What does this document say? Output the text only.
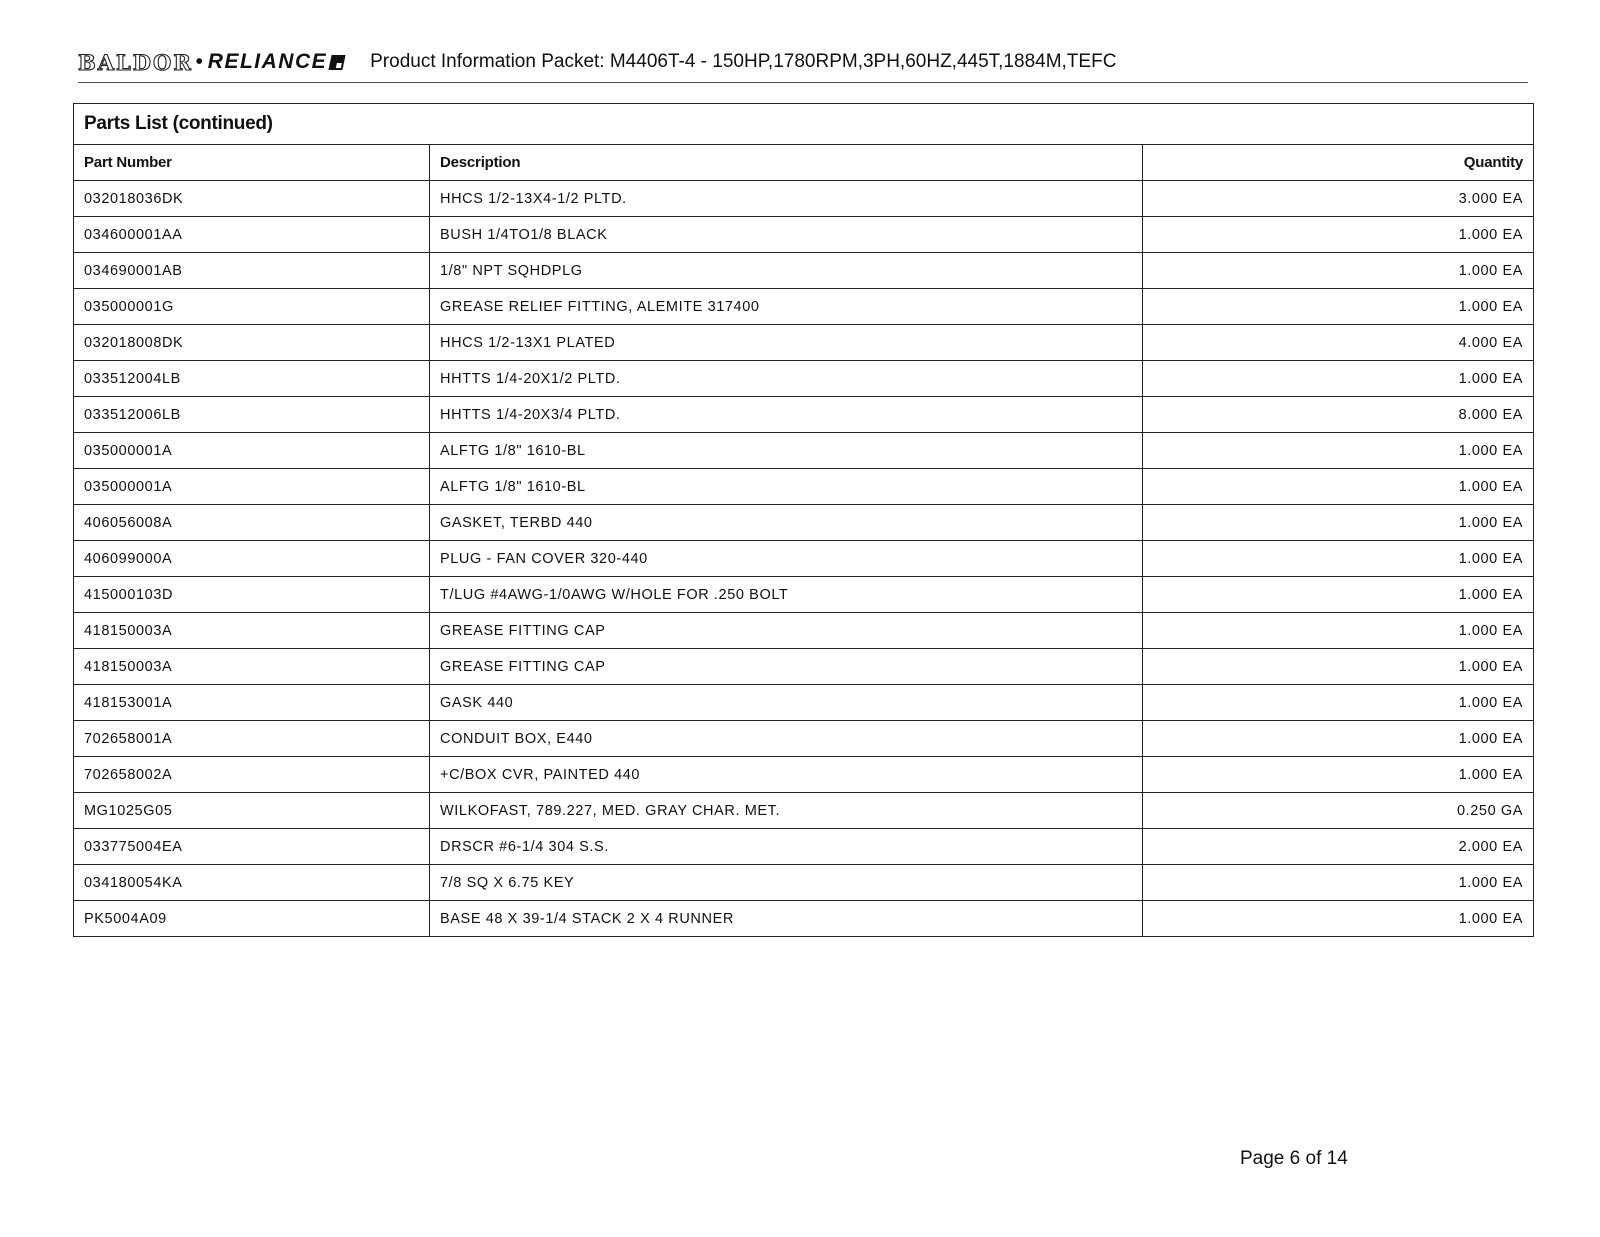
BALDOR • RELIANCE Product Information Packet: M4406T-4 - 150HP,1780RPM,3PH,60HZ,445T,1884M,TEFC
Parts List (continued)		
Part Number	Description	Quantity
032018036DK	HHCS 1/2-13X4-1/2 PLTD.	3.000 EA
034600001AA	BUSH 1/4TO1/8 BLACK	1.000 EA
034690001AB	1/8" NPT SQHDPLG	1.000 EA
035000001G	GREASE RELIEF FITTING, ALEMITE 317400	1.000 EA
032018008DK	HHCS 1/2-13X1 PLATED	4.000 EA
033512004LB	HHTTS 1/4-20X1/2 PLTD.	1.000 EA
033512006LB	HHTTS 1/4-20X3/4 PLTD.	8.000 EA
035000001A	ALFTG 1/8" 1610-BL	1.000 EA
035000001A	ALFTG 1/8" 1610-BL	1.000 EA
406056008A	GASKET, TERBD 440	1.000 EA
406099000A	PLUG - FAN COVER 320-440	1.000 EA
415000103D	T/LUG #4AWG-1/0AWG W/HOLE FOR .250 BOLT	1.000 EA
418150003A	GREASE FITTING CAP	1.000 EA
418150003A	GREASE FITTING CAP	1.000 EA
418153001A	GASK 440	1.000 EA
702658001A	CONDUIT BOX, E440	1.000 EA
702658002A	+C/BOX CVR, PAINTED 440	1.000 EA
MG1025G05	WILKOFAST, 789.227, MED. GRAY CHAR. MET.	0.250 GA
033775004EA	DRSCR #6-1/4 304 S.S.	2.000 EA
034180054KA	7/8 SQ X 6.75 KEY	1.000 EA
PK5004A09	BASE 48 X 39-1/4 STACK 2 X 4 RUNNER	1.000 EA
Page 6 of 14
